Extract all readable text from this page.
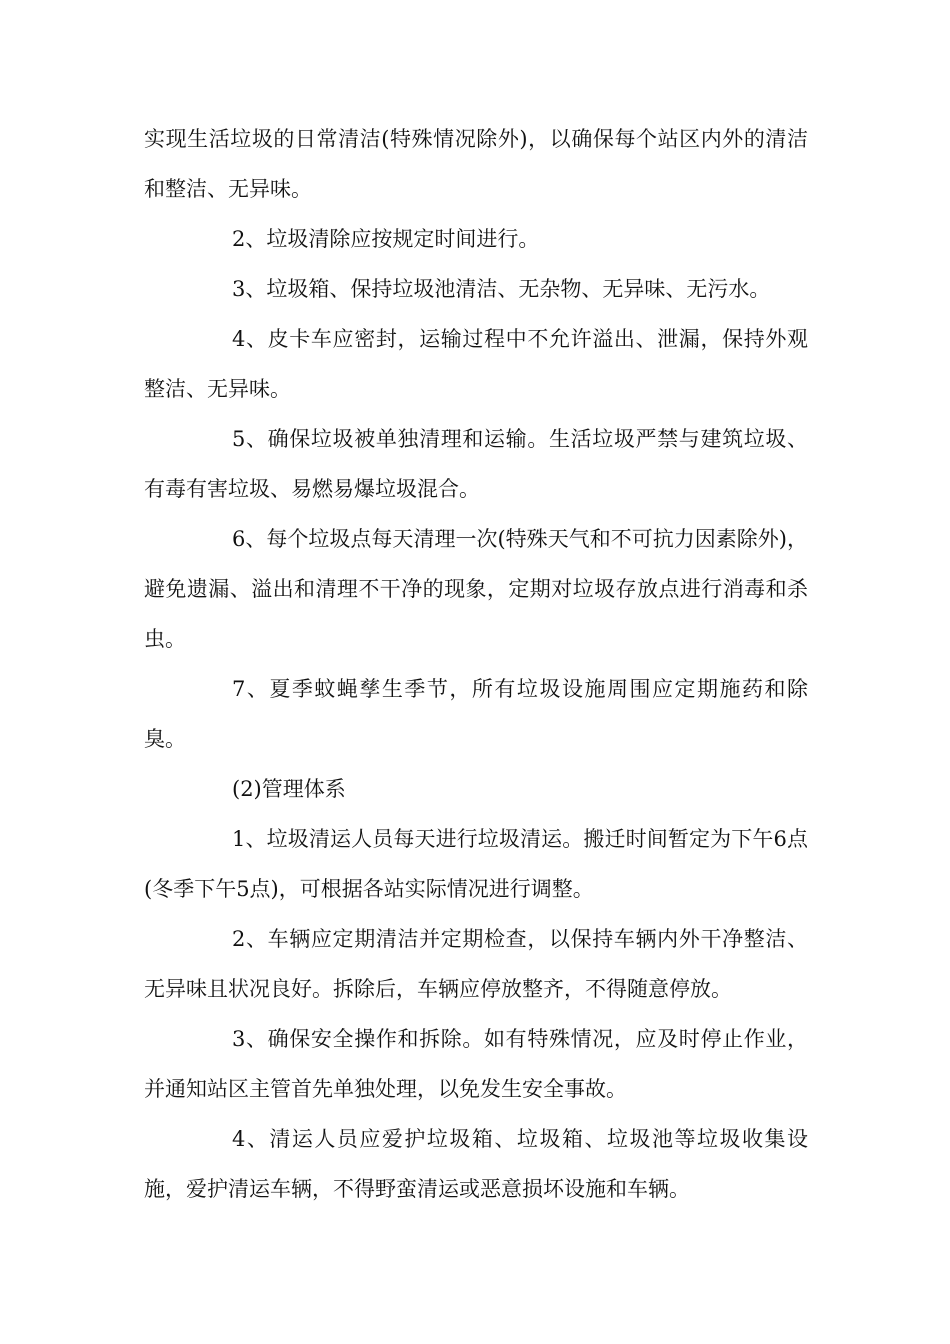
实现生活垃圾的日常清洁(特殊情况除外)，以确保每个站区内外的清洁和整洁、无异味。

2、垃圾清除应按规定时间进行。

3、垃圾箱、保持垃圾池清洁、无杂物、无异味、无污水。

4、皮卡车应密封，运输过程中不允许溢出、泄漏，保持外观整洁、无异味。

5、确保垃圾被单独清理和运输。生活垃圾严禁与建筑垃圾、有毒有害垃圾、易燃易爆垃圾混合。

6、每个垃圾点每天清理一次(特殊天气和不可抗力因素除外)，避免遗漏、溢出和清理不干净的现象，定期对垃圾存放点进行消毒和杀虫。

7、夏季蚊蝇孳生季节，所有垃圾设施周围应定期施药和除臭。

(2)管理体系

1、垃圾清运人员每天进行垃圾清运。搬迁时间暂定为下午6点(冬季下午5点)，可根据各站实际情况进行调整。

2、车辆应定期清洁并定期检查，以保持车辆内外干净整洁、无异味且状况良好。拆除后，车辆应停放整齐，不得随意停放。

3、确保安全操作和拆除。如有特殊情况，应及时停止作业，并通知站区主管首先单独处理，以免发生安全事故。

4、清运人员应爱护垃圾箱、垃圾箱、垃圾池等垃圾收集设施，爱护清运车辆，不得野蛮清运或恶意损坏设施和车辆。
